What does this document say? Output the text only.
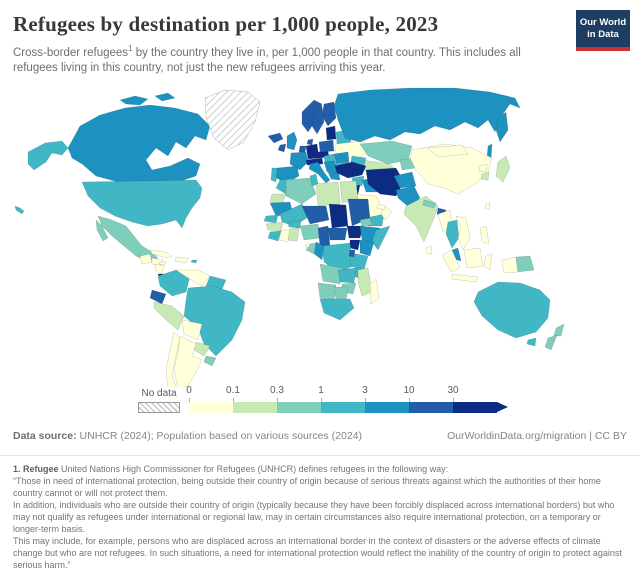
Refugees by destination per 1,000 people, 2023
Cross-border refugees$^1$ by the country they live in, per 1,000 people in that country. This includes all refugees living in this country, not just the new refugees arriving this year.
Our World
in Data
No data 0	0.1	0.3	1	3	10	30
Data source: UNHCR (2024); Population based on various sources (2024)	OurWorldinData.org/migration | CC BY
1. Refugee United Nations High Commissioner for Refugees (UNHCR) defines refugees in the following way:
“Those in need of international protection, being outside their country of origin because of serious threats against which the authorities of their home country cannot or will not protect them.
In addition, individuals who are outside their country of origin (typically because they have been forcibly displaced across international borders) but who may not qualify as refugees under international or regional law, may in certain circumstances also require international protection, on a temporary or longer-term basis.
This may include, for example, persons who are displaced across an international border in the context of disasters or the adverse effects of climate change but who are not refugees. In such situations, a need for international protection would reflect the inability of the country of origin to protect against serious harm.”
